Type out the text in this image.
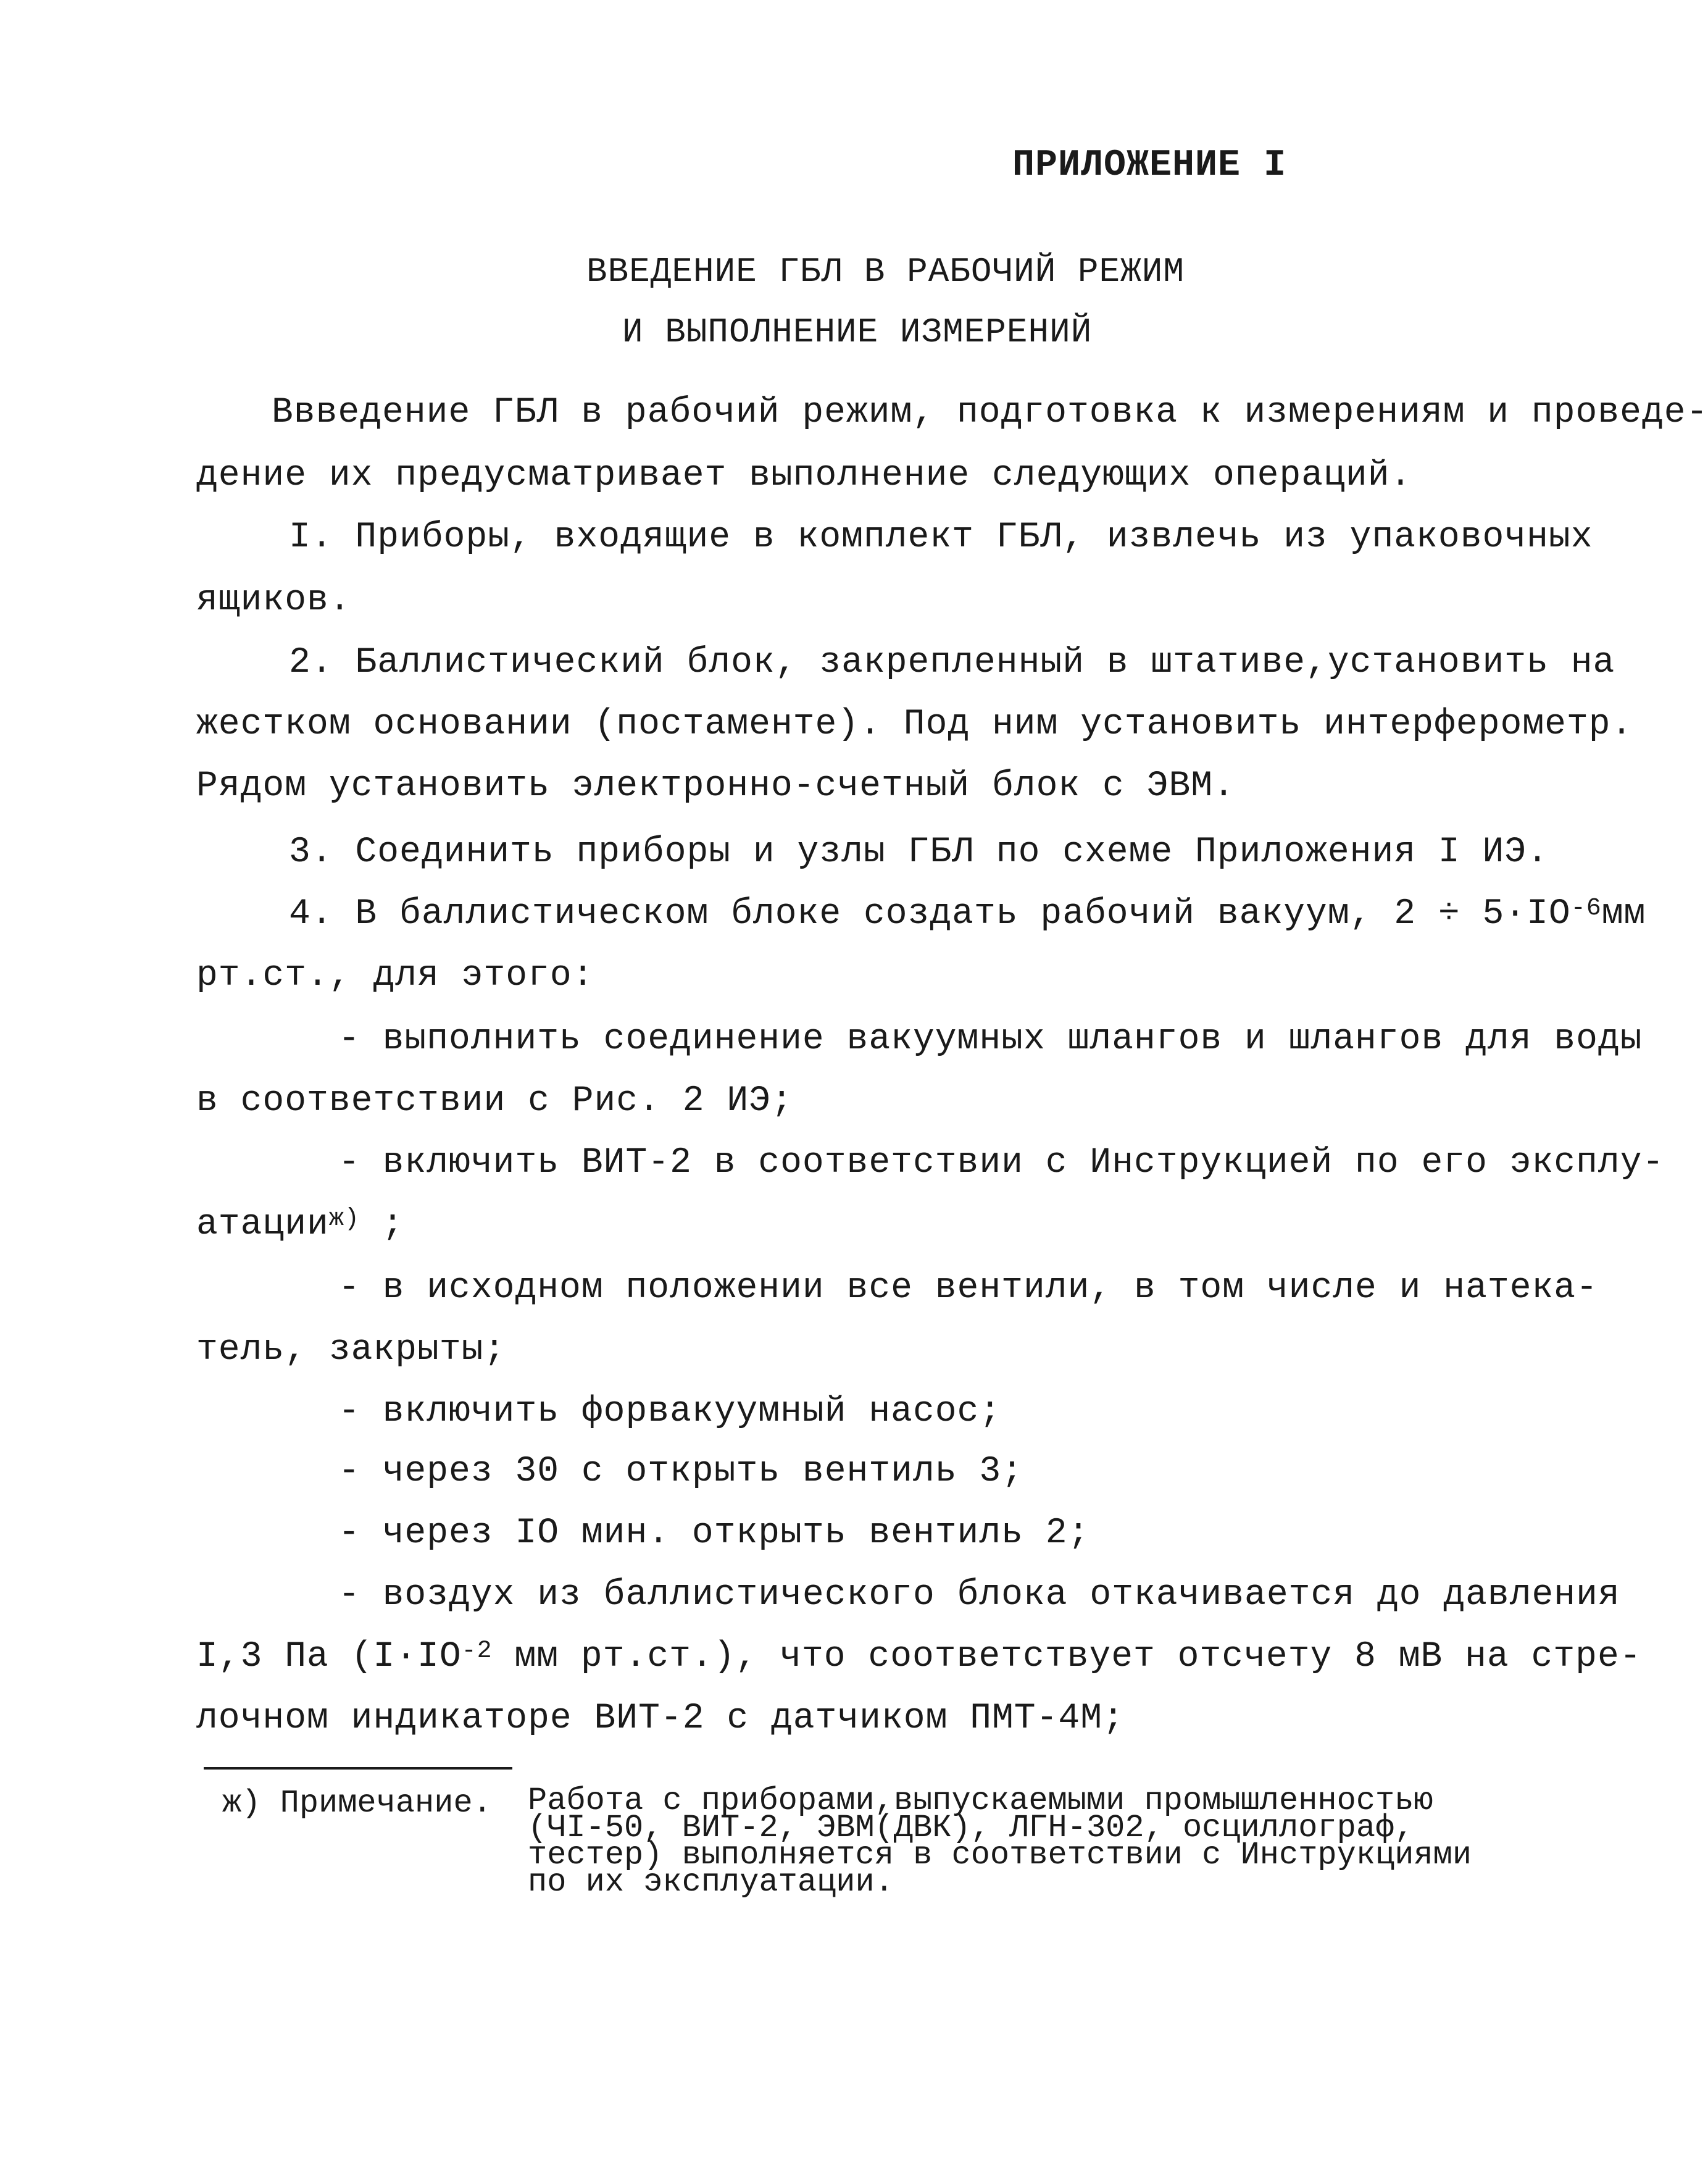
ПРИЛОЖЕНИЕ I
ВВЕДЕНИЕ ГБЛ В РАБОЧИЙ РЕЖИМ
И ВЫПОЛНЕНИЕ ИЗМЕРЕНИЙ
Ввведение ГБЛ в рабочий режим, подготовка к измерениям и проведе-
дение их предусматривает выполнение следующих операций.
I. Приборы, входящие в комплект ГБЛ, извлечь из упаковочных
ящиков.
2. Баллистический блок, закрепленный в штативе,установить на
жестком основании (постаменте). Под ним установить интерферометр.
Рядом установить электронно-счетный блок с ЭВМ.
3. Соединить приборы и узлы ГБЛ по схеме Приложения I ИЭ.
4. В баллистическом блоке создать рабочий вакуум, $2 \div 5\cdot IO^{-6}мм$
рт.ст., для этого:
- выполнить соединение вакуумных шлангов и шлангов для воды
в соответствии с Рис. 2 ИЭ;
- включить ВИТ-2 в соответствии с Инструкцией по его эксплу-
атации$^{ж)}$ ;
- в исходном положении все вентили, в том числе и натека-
тель, закрыты;
- включить форвакуумный насос;
- через 30 с открыть вентиль 3;
- через IO мин. открыть вентиль 2;
- воздух из баллистического блока откачивается до давления
I,3 Па ($I\cdot IO^{-2}$ мм рт.ст.), что соответствует отсчету 8 мВ на стре-
лочном индикаторе ВИТ-2 с датчиком ПМТ-4М;
ж) Примечание. Работа с приборами,выпускаемыми промышленностью
(ЧI-50, ВИТ-2, ЭВМ(ДВК), ЛГН-302, осциллограф,
тестер) выполняется в соответствии с Инструкциями
по их эксплуатации.
